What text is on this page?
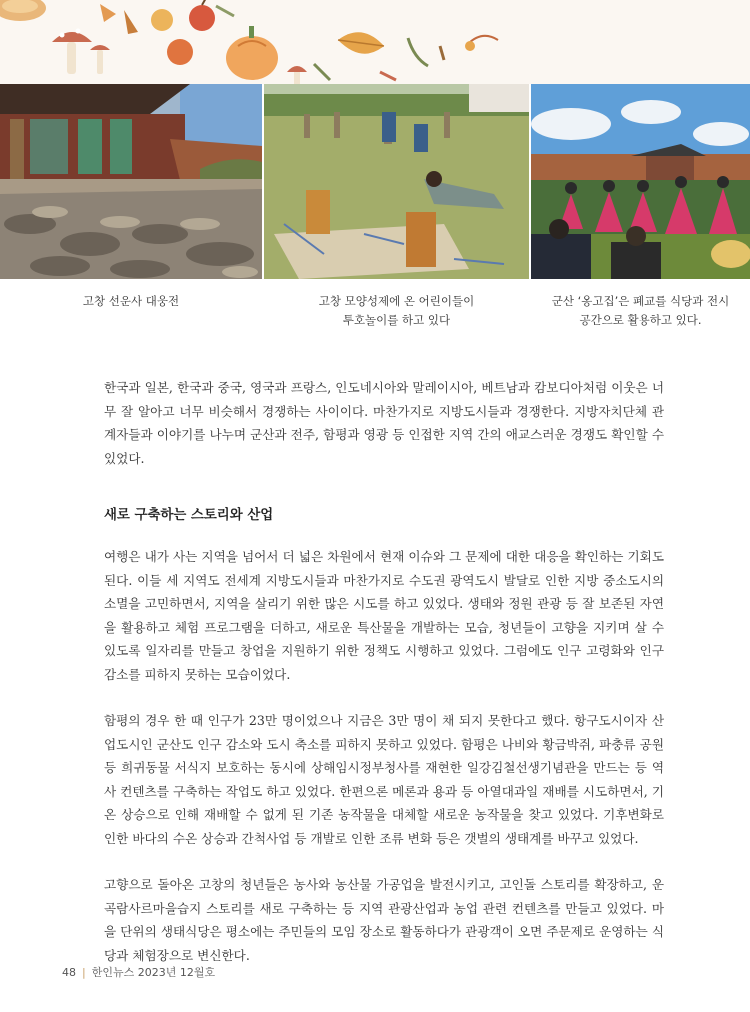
고창 선운사 대웅전	고창 모양성제에 온 어린이들이
투호놀이를 하고 있다
군산 ‘옹고집’은 폐교를 식당과 전시
공간으로 활용하고 있다.

한국과 일본, 한국과 중국, 영국과 프랑스, 인도네시아와 말레이시아, 베트남과 캄보디아처럼 이웃은 너무 잘 알아고 너무 비슷해서 경쟁하는 사이이다. 마찬가지로 지방도시들과 경쟁한다. 지방자치단체 관계자들과 이야기를 나누며 군산과 전주, 함평과 영광 등 인접한 지역 간의 애교스러운 경쟁도 확인할 수 있었다.

새로 구축하는 스토리와 산업

여행은 내가 사는 지역을 넘어서 더 넓은 차원에서 현재 이슈와 그 문제에 대한 대응을 확인하는 기회도 된다. 이들 세 지역도 전세계 지방도시들과 마찬가지로 수도권 광역도시 발달로 인한 지방 중소도시의 소멸을 고민하면서, 지역을 살리기 위한 많은 시도를 하고 있었다. 생태와 정원 관광 등 잘 보존된 자연을 활용하고 체험 프로그램을 더하고, 새로운 특산물을 개발하는 모습, 청년들이 고향을 지키며 살 수 있도록 일자리를 만들고 창업을 지원하기 위한 정책도 시행하고 있었다. 그럼에도 인구 고령화와 인구 감소를 피하지 못하는 모습이었다.

함평의 경우 한 때 인구가 23만 명이었으나 지금은 3만 명이 채 되지 못한다고 했다. 항구도시이자 산업도시인 군산도 인구 감소와 도시 축소를 피하지 못하고 있었다. 함평은 나비와 황금박쥐, 파충류 공원 등 희귀동물 서식지 보호하는 동시에 상해임시정부청사를 재현한 일강김철선생기념관을 만드는 등 역사 컨텐츠를 구축하는 작업도 하고 있었다. 한편으론 메론과 용과 등 아열대과일 재배를 시도하면서, 기온 상승으로 인해 재배할 수 없게 된 기존 농작물을 대체할 새로운 농작물을 찾고 있었다. 기후변화로 인한 바다의 수온 상승과 간척사업 등 개발로 인한 조류 변화 등은 갯벌의 생태계를 바꾸고 있었다.

고향으로 돌아온 고창의 청년들은 농사와 농산물 가공업을 발전시키고, 고인돌 스토리를 확장하고, 운곡람사르마을습지 스토리를 새로 구축하는 등 지역 관광산업과 농업 관련 컨텐츠를 만들고 있었다. 마을 단위의 생태식당은 평소에는 주민들의 모임 장소로 활동하다가 관광객이 오면 주문제로 운영하는 식당과 체험장으로 변신한다.

48 | 한인뉴스 2023년 12월호
